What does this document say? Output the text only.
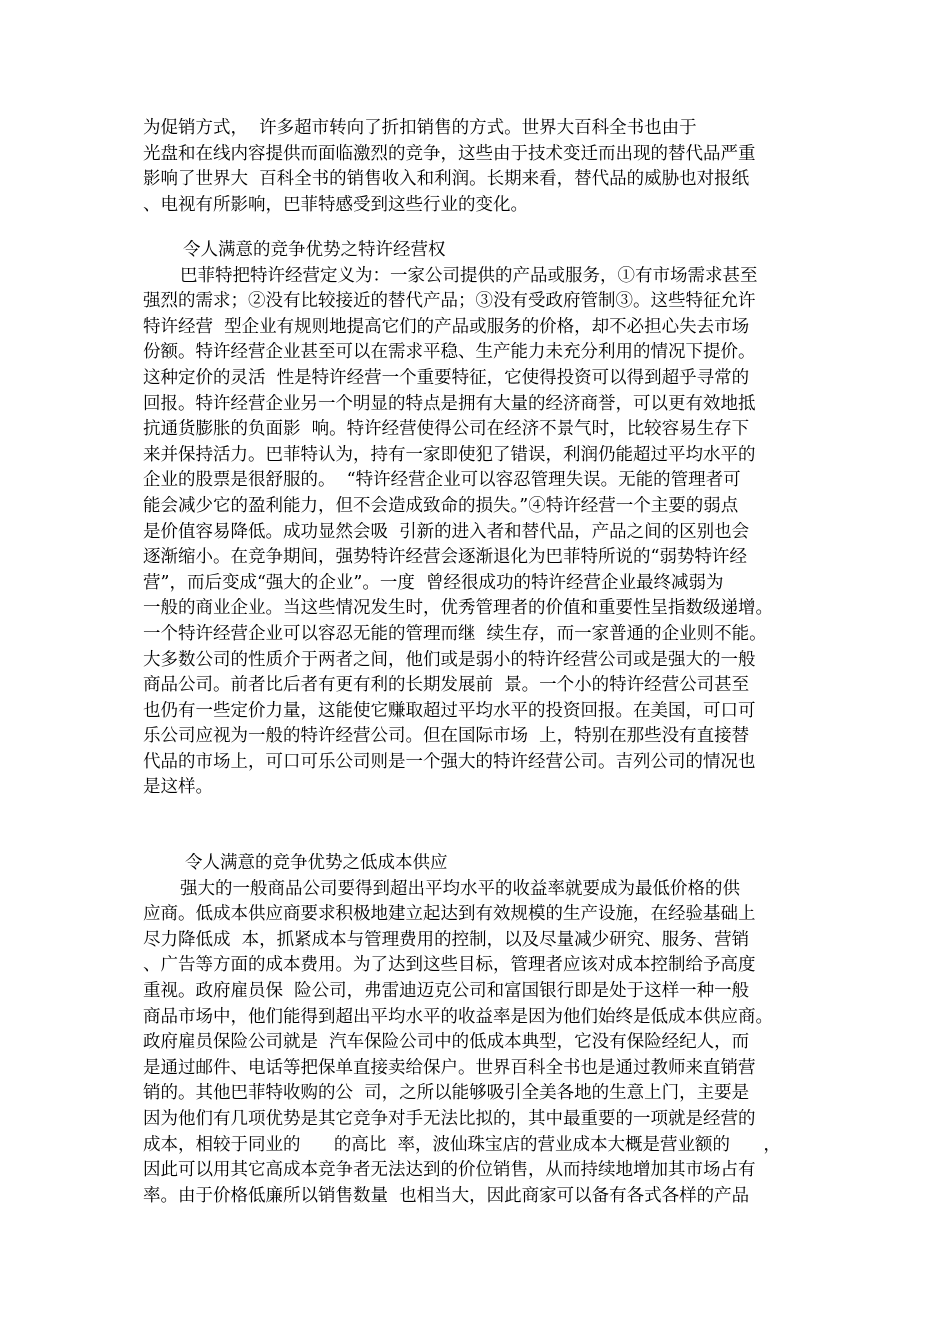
为促销方式，  许多超市转向了折扣销售的方式。世界大百科全书也由于
光盘和在线内容提供而面临激烈的竞争，这些由于技术变迁而出现的替代品严重
影响了世界大  百科全书的销售收入和利润。长期来看，替代品的威胁也对报纸
、电视有所影响，巴菲特感受到这些行业的变化。
令人满意的竞争优势之特许经营权
巴菲特把特许经营定义为：一家公司提供的产品或服务，①有市场需求甚至
强烈的需求；②没有比较接近的替代产品；③没有受政府管制③。这些特征允许
特许经营  型企业有规则地提高它们的产品或服务的价格，却不必担心失去市场
份额。特许经营企业甚至可以在需求平稳、生产能力未充分利用的情况下提价。
这种定价的灵活  性是特许经营一个重要特征，它使得投资可以得到超乎寻常的
回报。特许经营企业另一个明显的特点是拥有大量的经济商誉，可以更有效地抵
抗通货膨胀的负面影  响。特许经营使得公司在经济不景气时，比较容易生存下
来并保持活力。巴菲特认为，持有一家即使犯了错误，利润仍能超过平均水平的
企业的股票是很舒服的。  “特许经营企业可以容忍管理失误。无能的管理者可
能会减少它的盈利能力，但不会造成致命的损失。”④特许经营一个主要的弱点
是价值容易降低。成功显然会吸  引新的进入者和替代品，产品之间的区别也会
逐渐缩小。在竞争期间，强势特许经营会逐渐退化为巴菲特所说的“弱势特许经
营”，而后变成“强大的企业”。一度  曾经很成功的特许经营企业最终减弱为
一般的商业企业。当这些情况发生时，优秀管理者的价值和重要性呈指数级递增。
一个特许经营企业可以容忍无能的管理而继  续生存，而一家普通的企业则不能。
大多数公司的性质介于两者之间，他们或是弱小的特许经营公司或是强大的一般
商品公司。前者比后者有更有利的长期发展前  景。一个小的特许经营公司甚至
也仍有一些定价力量，这能使它赚取超过平均水平的投资回报。在美国，可口可
乐公司应视为一般的特许经营公司。但在国际市场  上，特别在那些没有直接替
代品的市场上，可口可乐公司则是一个强大的特许经营公司。吉列公司的情况也
是这样。
令人满意的竞争优势之低成本供应
强大的一般商品公司要得到超出平均水平的收益率就要成为最低价格的供
应商。低成本供应商要求积极地建立起达到有效规模的生产设施，在经验基础上
尽力降低成  本，抓紧成本与管理费用的控制，以及尽量减少研究、服务、营销
、广告等方面的成本费用。为了达到这些目标，管理者应该对成本控制给予高度
重视。政府雇员保  险公司，弗雷迪迈克公司和富国银行即是处于这样一种一般
商品市场中，他们能得到超出平均水平的收益率是因为他们始终是低成本供应商。
政府雇员保险公司就是  汽车保险公司中的低成本典型，它没有保险经纪人，而
是通过邮件、电话等把保单直接卖给保户。世界百科全书也是通过教师来直销营
销的。其他巴菲特收购的公  司，之所以能够吸引全美各地的生意上门，主要是
因为他们有几项优势是其它竞争对手无法比拟的，其中最重要的一项就是经营的
成本，相较于同业的      的高比  率，波仙珠宝店的营业成本大概是营业额的      ，
因此可以用其它高成本竞争者无法达到的价位销售，从而持续地增加其市场占有
率。由于价格低廉所以销售数量  也相当大，因此商家可以备有各式各样的产品
